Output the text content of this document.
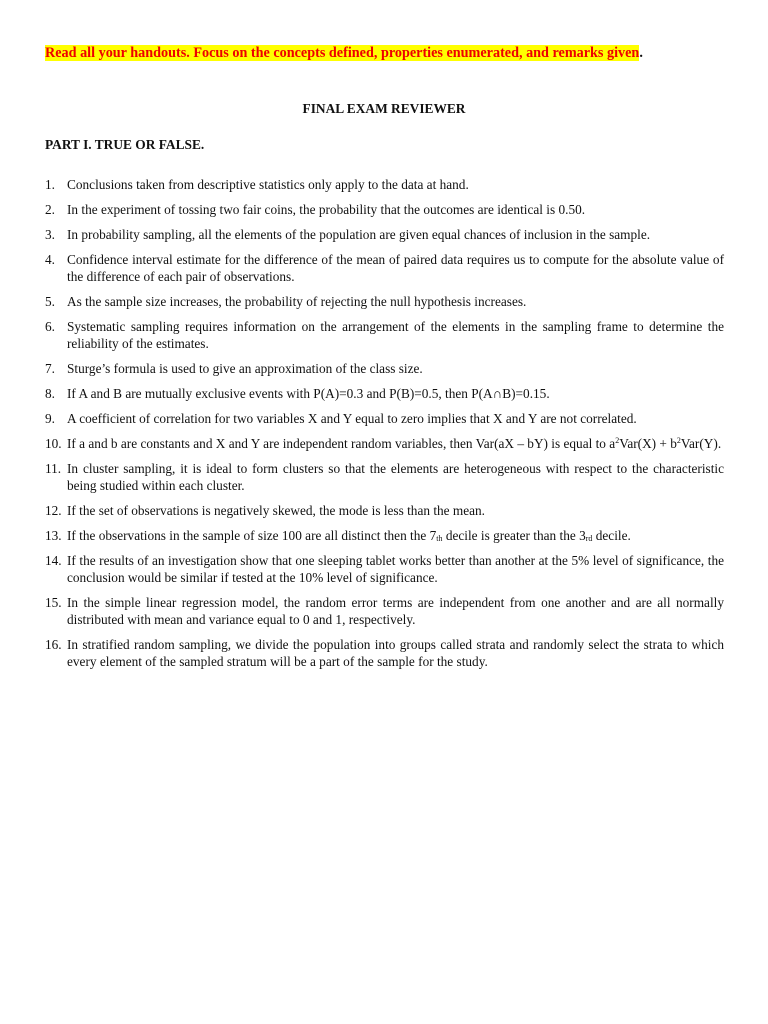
Read all your handouts. Focus on the concepts defined, properties enumerated, and remarks given.
FINAL EXAM REVIEWER
PART I. TRUE OR FALSE.
1. Conclusions taken from descriptive statistics only apply to the data at hand.
2. In the experiment of tossing two fair coins, the probability that the outcomes are identical is 0.50.
3. In probability sampling, all the elements of the population are given equal chances of inclusion in the sample.
4. Confidence interval estimate for the difference of the mean of paired data requires us to compute for the absolute value of the difference of each pair of observations.
5. As the sample size increases, the probability of rejecting the null hypothesis increases.
6. Systematic sampling requires information on the arrangement of the elements in the sampling frame to determine the reliability of the estimates.
7. Sturge’s formula is used to give an approximation of the class size.
8. If A and B are mutually exclusive events with P(A)=0.3 and P(B)=0.5, then P(A∩B)=0.15.
9. A coefficient of correlation for two variables X and Y equal to zero implies that X and Y are not correlated.
10. If a and b are constants and X and Y are independent random variables, then Var(aX – bY) is equal to $a^2Var(X) + b^2Var(Y)$.
11. In cluster sampling, it is ideal to form clusters so that the elements are heterogeneous with respect to the characteristic being studied within each cluster.
12. If the set of observations is negatively skewed, the mode is less than the mean.
13. If the observations in the sample of size 100 are all distinct then the $7_{th}$ decile is greater than the $3_{rd}$ decile.
14. If the results of an investigation show that one sleeping tablet works better than another at the 5% level of significance, the conclusion would be similar if tested at the 10% level of significance.
15. In the simple linear regression model, the random error terms are independent from one another and are all normally distributed with mean and variance equal to 0 and 1, respectively.
16. In stratified random sampling, we divide the population into groups called strata and randomly select the strata to which every element of the sampled stratum will be a part of the sample for the study.
